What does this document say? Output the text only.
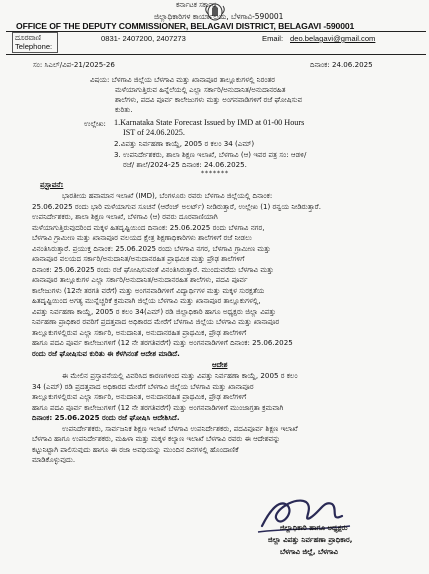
ಕರ್ನಾಟಕ ಸರ್ಕಾರ
ಜಿಲ್ಲಾಧಿಕಾರಿಗಳ ಕಾರ್ಯಾಲಯ, ಬೆಳಗಾವಿ-590001
OFFICE OF THE DEPUTY COMMISSIONER, BELAGAVI DISTRICT, BELAGAVI -590001
ದೂರವಾಣಿ
Telephone:
0831- 2407200, 2407273	Email: deo.belagavi@gmail.com
ಸಂ: ಸಿಎಲ್‌/ವಿಪ-21/2025-26	ದಿನಾಂಕ: 24.06.2025
ವಿಷಯ: ಬೆಳಗಾವಿ ಜಿಲ್ಲೆಯ ಬೆಳಗಾವಿ ಮತ್ತು ಖಾನಾಪೂರ ತಾಲ್ಲೂಕುಗಳಲ್ಲಿ ನಿರಂತರ
ಮಳೆಯಾಗುತ್ತಿರುವ ಹಿನ್ನೆಲೆಯಲ್ಲಿ ಎಲ್ಲಾ ಸರ್ಕಾರಿ/ಅನುದಾನಿತ/ಅನುದಾನರಹಿತ
ಶಾಲೆಗಳು, ಪದವಿ ಪೂರ್ವ ಕಾಲೇಜುಗಳು ಮತ್ತು ಅಂಗನವಾಡಿಗಳಿಗೆ ರಜೆ ಘೋಷಿಸುವ
ಕುರಿತು.
ಉಲ್ಲೇಖ: 1.Karnataka State Forecast Issued by IMD at 01-00 Hours
IST of 24.06.2025.
2.ವಿಪತ್ತು ನಿರ್ವಹಣಾ ಕಾಯ್ದೆ, 2005 ರ ಕಲಂ 34 (ಎಮ್)
3. ಉಪನಿರ್ದೇಶಕರು, ಶಾಲಾ ಶಿಕ್ಷಣ ಇಲಾಖೆ, ಬೆಳಗಾವಿ (ಆ) ಇವರ ಪತ್ರ ಸಂ: ಆಡಳಿ/
ರಜೆ/ ಶಾಲೆ/2024-25 ದಿನಾಂಕ: 24.06.2025.
*******
ಪ್ರಸ್ತಾವನೆ:
ಭಾರತೀಯ ಹವಾಮಾನ ಇಲಾಖೆ (IMD), ಬೆಂಗಳೂರು ರವರು ಬೆಳಗಾವಿ ಜಿಲ್ಲೆಯಲ್ಲಿ ದಿನಾಂಕ:
25.06.2025 ರಂದು ಭಾರಿ ಮಳೆಯಾಗುವ ಸೂಚನೆ (ಆರೆಂಜ್ ಅಲರ್ಟ್) ನೀಡಿರುತ್ತಾರೆ, ಉಲ್ಲೇಖ (1) ರನ್ವಯ ನೀಡಿರುತ್ತಾರೆ.
ಉಪನಿರ್ದೇಶಕರು, ಶಾಲಾ ಶಿಕ್ಷಣ ಇಲಾಖೆ, ಬೆಳಗಾವಿ (ಆ) ರವರು ದೂರವಾಣಿಯಾಗಿ
ಮಳೆಯಾಗುತ್ತಿರುವುದರಿಂದ ಮಕ್ಕಳ ಹಿತದೃಷ್ಟಿಯಿಂದ ದಿನಾಂಕ: 25.06.2025 ರಂದು ಬೆಳಗಾವಿ ನಗರ,
ಬೆಳಗಾವಿ ಗ್ರಾಮೀಣ ಮತ್ತು ಖಾನಾಪೂರ ವಲಯದ ಕ್ಷೇತ್ರ ಶಿಕ್ಷಣಾಧಿಕಾರಿಗಳು ಶಾಲೆಗಳಿಗೆ ರಜೆ ನೀಡಲು
ವಿನಂತಿಸಿರುತ್ತಾರೆ. ಪ್ರಯುಕ್ತ ದಿನಾಂಕ: 25.06.2025 ರಂದು ಬೆಳಗಾವಿ ನಗರ, ಬೆಳಗಾವಿ ಗ್ರಾಮೀಣ ಮತ್ತು
ಖಾನಾಪೂರ ವಲಯದ ಸರ್ಕಾರಿ/ಅನುದಾನಿತ/ಅನುದಾನರಹಿತ ಪ್ರಾಥಮಿಕ ಮತ್ತು ಪ್ರೌಢ ಶಾಲೆಗಳಿಗೆ
ದಿನಾಂಕ: 25.06.2025 ರಂದು ರಜೆ ಘೋಷಿಸುವಂತೆ ವಿನಂತಿಸಿರುತ್ತಾರೆ. ಮುಂದುವರೆದು ಬೆಳಗಾವಿ ಮತ್ತು
ಖಾನಾಪೂರ ತಾಲ್ಲೂಕುಗಳ ಎಲ್ಲಾ ಸರ್ಕಾರಿ/ಅನುದಾನಿತ/ಅನುದಾನರಹಿತ ಶಾಲೆಗಳು, ಪದವಿ ಪೂರ್ವ
ಕಾಲೇಜುಗಳು (12ನೇ ತರಗತಿ ವರೆಗೆ) ಮತ್ತು ಅಂಗನವಾಡಿಗಳಿಗೆ ವಿದ್ಯಾರ್ಥಿಗಳ ಮತ್ತು ಮಕ್ಕಳ ಸುರಕ್ಷತೆಯ
ಹಿತದೃಷ್ಟಿಯಿಂದ ಅಗತ್ಯ ಮುನ್ನೆಚ್ಚರಿಕೆ ಕ್ರಮವಾಗಿ ಜಿಲ್ಲೆಯ ಬೆಳಗಾವಿ ಮತ್ತು ಖಾನಾಪೂರ ತಾಲ್ಲೂಕುಗಳಲ್ಲಿ,
ವಿಪತ್ತು ನಿರ್ವಹಣಾ ಕಾಯ್ದೆ, 2005 ರ ಕಲಂ 34(ಎಮ್) ರಡಿ ಜಿಲ್ಲಾಧಿಕಾರಿ ಹಾಗೂ ಅಧ್ಯಕ್ಷರು ಜಿಲ್ಲಾ ವಿಪತ್ತು
ನಿರ್ವಹಣಾ ಪ್ರಾಧಿಕಾರ ರವರಿಗೆ ಪ್ರದತ್ತವಾದ ಅಧಿಕಾರದ ಮೇರೆಗೆ ಬೆಳಗಾವಿ ಜಿಲ್ಲೆಯ ಬೆಳಗಾವಿ ಮತ್ತು ಖಾನಾಪೂರ
ತಾಲ್ಲೂಕುಗಳಲ್ಲಿರುವ ಎಲ್ಲಾ ಸರ್ಕಾರಿ, ಅನುದಾನಿತ, ಅನುದಾನರಹಿತ ಪ್ರಾಥಮಿಕ, ಪ್ರೌಢ ಶಾಲೆಗಳಿಗೆ
ಹಾಗೂ ಪದವಿ ಪೂರ್ವ ಕಾಲೇಜುಗಳಿಗೆ (12 ನೇ ತರಗತಿವರೆಗೆ) ಮತ್ತು ಅಂಗನವಾಡಿಗಳಿಗೆ ದಿನಾಂಕ: 25.06.2025
ರಂದು ರಜೆ ಘೋಷಿಸುವ ಕುರಿತು ಈ ಕೆಳಗಿನಂತೆ ಆದೇಶ ಮಾಡಿದೆ.
ಆದೇಶ
ಈ ಮೇಲಿನ ಪ್ರಸ್ತಾವನೆಯಲ್ಲಿ ವಿವರಿಸಿದ ಕಾರಣಗಳಿಂದ ಮತ್ತು ವಿಪತ್ತು ನಿರ್ವಹಣಾ ಕಾಯ್ದೆ, 2005 ರ ಕಲಂ
34 (ಎಮ್) ರಡಿ ಪ್ರದತ್ತವಾದ ಅಧಿಕಾರದ ಮೇರೆಗೆ ಬೆಳಗಾವಿ ಜಿಲ್ಲೆಯ ಬೆಳಗಾವಿ ಮತ್ತು ಖಾನಾಪೂರ
ತಾಲ್ಲೂಕುಗಳಲ್ಲಿರುವ ಎಲ್ಲಾ ಸರ್ಕಾರಿ, ಅನುದಾನಿತ, ಅನುದಾನರಹಿತ ಪ್ರಾಥಮಿಕ, ಪ್ರೌಢ ಶಾಲೆಗಳಿಗೆ
ಹಾಗೂ ಪದವಿ ಪೂರ್ವ ಕಾಲೇಜುಗಳಿಗೆ (12 ನೇ ತರಗತಿವರೆಗೆ) ಮತ್ತು ಅಂಗನವಾಡಿಗಳಿಗೆ ಮುಂಜಾಗ್ರತಾ ಕ್ರಮವಾಗಿ
ದಿನಾಂಕ: 25.06.2025 ರಂದು ರಜೆ ಘೋಷಿಸಿ ಆದೇಶಿಸಿದೆ.
ಉಪನಿರ್ದೇಶಕರು, ಸಾರ್ವಜನಿಕ ಶಿಕ್ಷಣ ಇಲಾಖೆ ಬೆಳಗಾವಿ ಉಪನಿರ್ದೇಶಕರು, ಪದವಿಪೂರ್ವ ಶಿಕ್ಷಣ ಇಲಾಖೆ
ಬೆಳಗಾವಿ ಹಾಗೂ ಉಪನಿರ್ದೇಶಕರು, ಮಹಿಳಾ ಮತ್ತು ಮಕ್ಕಳ ಕಲ್ಯಾಣ ಇಲಾಖೆ ಬೆಳಗಾವಿ ರವರು ಈ ಆದೇಶವನ್ನು
ಕಟ್ಟುನಿಟ್ಟಾಗಿ ಪಾಲಿಸುವುದು ಹಾಗೂ ಈ ರಜಾ ಅವಧಿಯನ್ನು ಮುಂದಿನ ದಿನಗಳಲ್ಲಿ ಹೊಂದಾಣಿಕೆ
ಮಾಡಿಕೊಳ್ಳುವುದು.
ಜಿಲ್ಲಾಧಿಕಾರಿ ಹಾಗೂ ಅಧ್ಯಕ್ಷರು
ಜಿಲ್ಲಾ ವಿಪತ್ತು ನಿರ್ವಹಣಾ ಪ್ರಾಧಿಕಾರ,
ಬೆಳಗಾವಿ ಜಿಲ್ಲೆ, ಬೆಳಗಾವಿ
